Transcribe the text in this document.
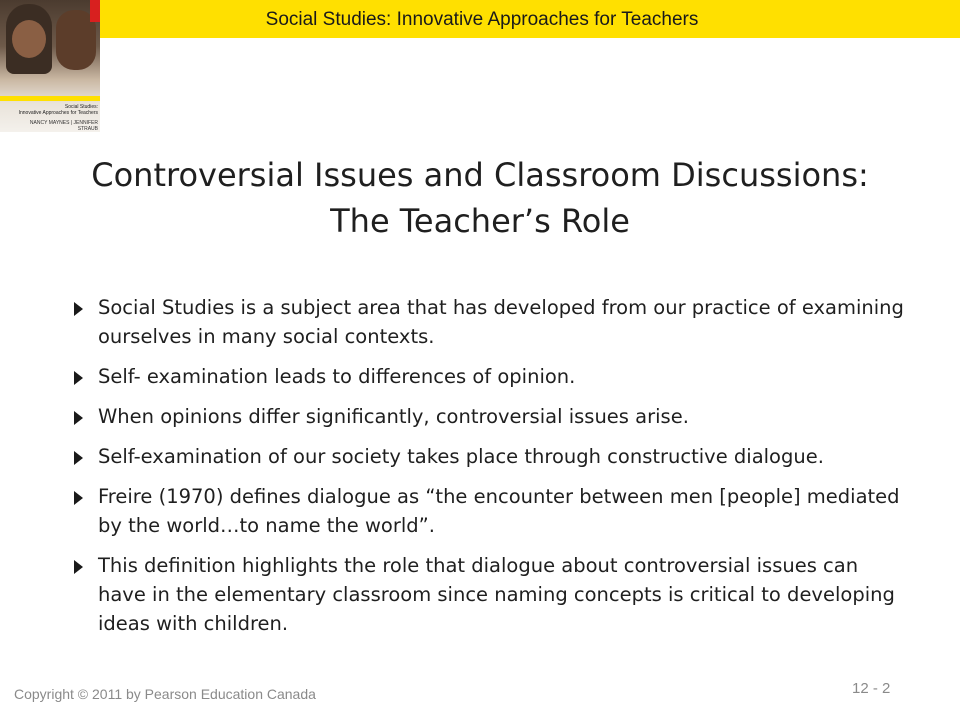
Social Studies: Innovative Approaches for Teachers
Social Studies:
Innovative Approaches for Teachers
NANCY MAYNES | JENNIFER STRAUB
Controversial Issues and Classroom Discussions:
The Teacher’s Role
Social Studies is a subject area that has developed from our practice of examining ourselves in many social contexts.
Self- examination leads to differences of opinion.
When opinions differ significantly, controversial issues arise.
Self-examination of our society takes place through constructive dialogue.
Freire (1970) defines dialogue as “the encounter between men [people] mediated by the world…to name the world”.
This definition highlights the role that dialogue about controversial issues can have in the elementary classroom since naming concepts is critical to developing ideas with children.
Copyright © 2011 by Pearson Education Canada	12 - 2
